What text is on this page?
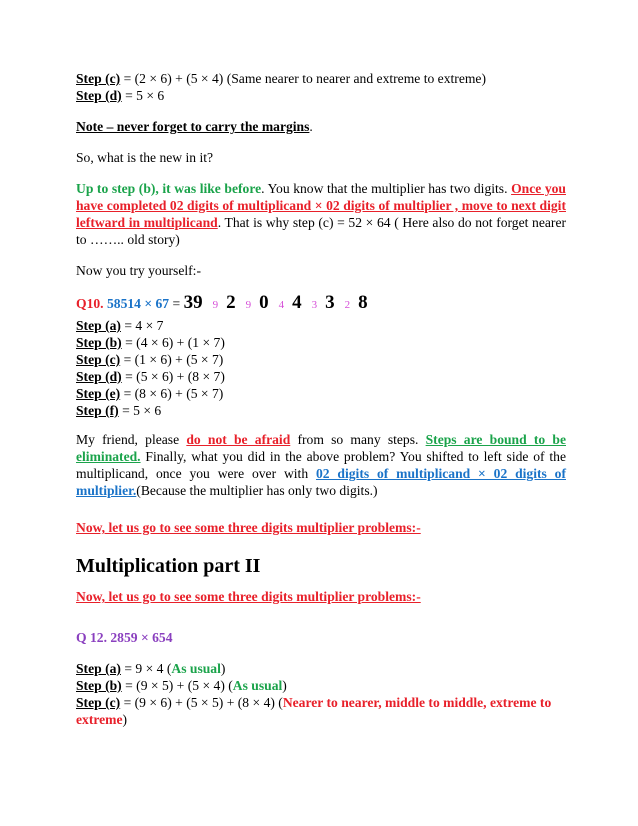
Step (c) = (2 × 6) + (5 × 4) (Same nearer to nearer and extreme to extreme)

Step (d) = 5 × 6

Note – never forget to carry the margins.

So, what is the new in it?

Up to step (b), it was like before. You know that the multiplier has two digits. Once you have completed 02 digits of multiplicand × 02 digits of multiplier , move to next digit leftward in multiplicand. That is why step (c) = 52 × 64 ( Here also do not forget nearer to …….. old story)

Now you try yourself:-

Q10. 58514 × 67 = 39 9 2 9 0 4 4 3 3 2 8

Step (a) = 4 × 7

Step (b) = (4 × 6) + (1 × 7)

Step (c) = (1 × 6) + (5 × 7)

Step (d) = (5 × 6) + (8 × 7)

Step (e) = (8 × 6) + (5 × 7)

Step (f) = 5 × 6

My friend, please do not be afraid from so many steps. Steps are bound to be eliminated. Finally, what you did in the above problem? You shifted to left side of the multiplicand, once you were over with 02 digits of multiplicand × 02 digits of multiplier.(Because the multiplier has only two digits.)

Now, let us go to see some three digits multiplier problems:-

Multiplication part II

Now, let us go to see some three digits multiplier problems:-

Q 12. 2859 × 654

Step (a) = 9 × 4 (As usual)

Step (b) = (9 × 5) + (5 × 4) (As usual)

Step (c) = (9 × 6) + (5 × 5) + (8 × 4) (Nearer to nearer, middle to middle, extreme to extreme)
